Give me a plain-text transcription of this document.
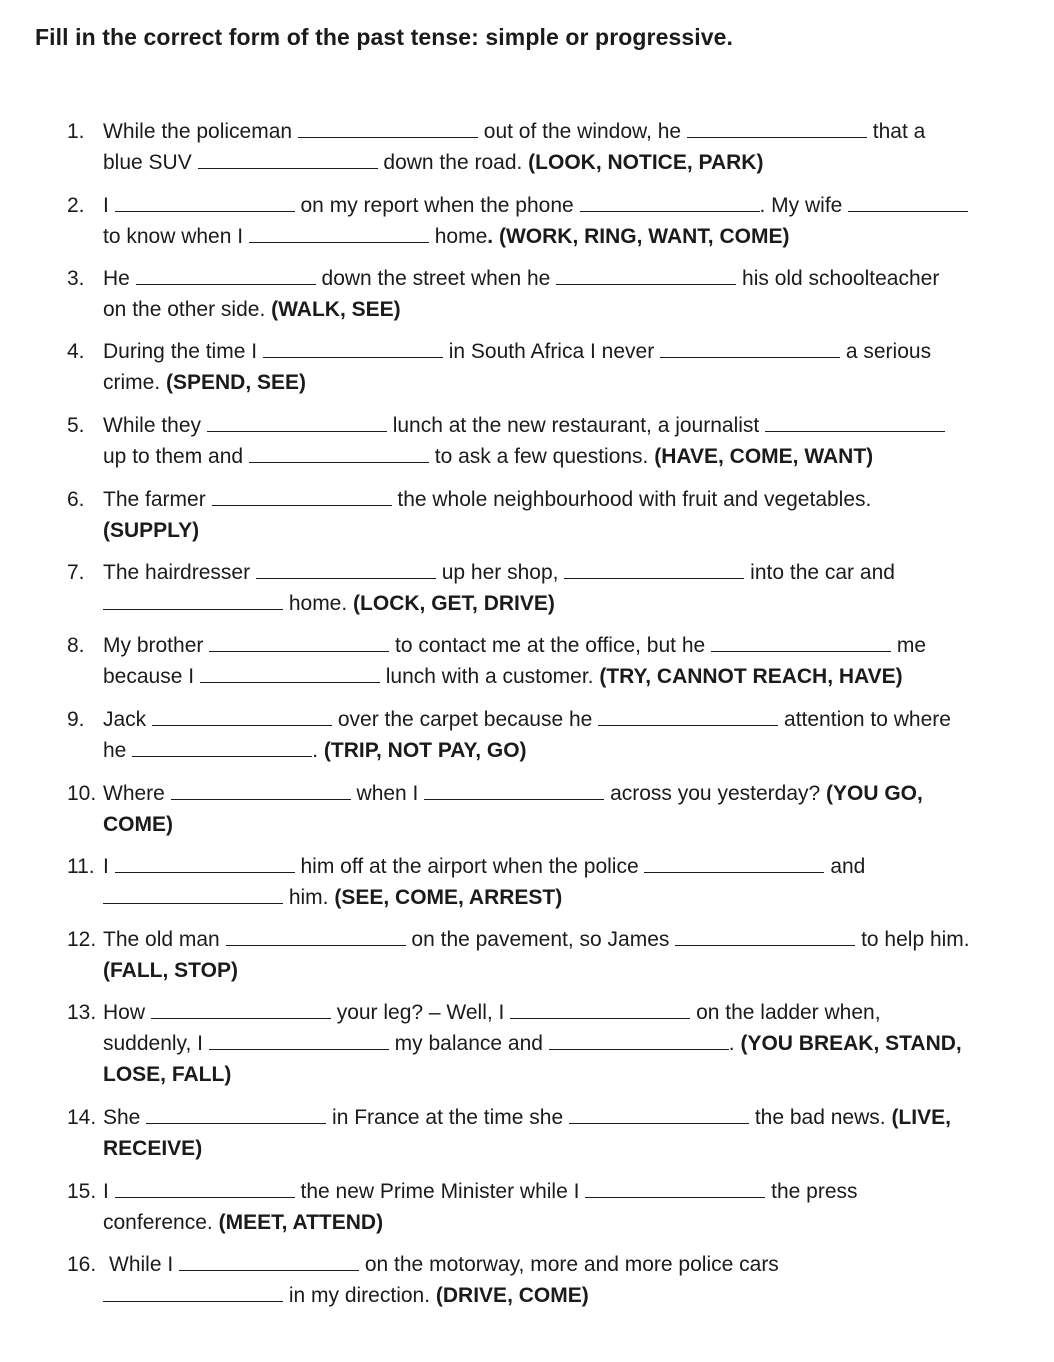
Fill in the correct form of the past tense: simple or progressive.
1. While the policeman	out of the window, he	that a

blue SUV	down the road. (LOOK, NOTICE, PARK)

2. I	on my report when the phone	. My wife

to know when I	home. (WORK, RING, WANT, COME)

3. He	down the street when he	his old schoolteacher

on the other side. (WALK, SEE)

4. During the time I	in South Africa I never	a serious

crime. (SPEND, SEE)

5. While they	lunch at the new restaurant, a journalist

up to them and	to ask a few questions. (HAVE, COME, WANT)

6. The farmer	the whole neighbourhood with fruit and vegetables.

(SUPPLY)

7. The hairdresser	up her shop,	into the car and

home. (LOCK, GET, DRIVE)

8. My brother	to contact me at the office, but he	me

because I	lunch with a customer. (TRY, CANNOT REACH, HAVE)

9. Jack	over the carpet because he	attention to where

he	. (TRIP, NOT PAY, GO)

10. Where	when I	across you yesterday? (YOU GO,

COME)

11. I	him off at the airport when the police	and

him. (SEE, COME, ARREST)

12. The old man	on the pavement, so James	to help him.

(FALL, STOP)

13. How	your leg? – Well, I	on the ladder when,

suddenly, I	my balance and	. (YOU BREAK, STAND,

LOSE, FALL)

14. She	in France at the time she	the bad news. (LIVE,

RECEIVE)

15. I	the new Prime Minister while I	the press

conference. (MEET, ATTEND)

16. While I	on the motorway, more and more police cars

in my direction. (DRIVE, COME)
